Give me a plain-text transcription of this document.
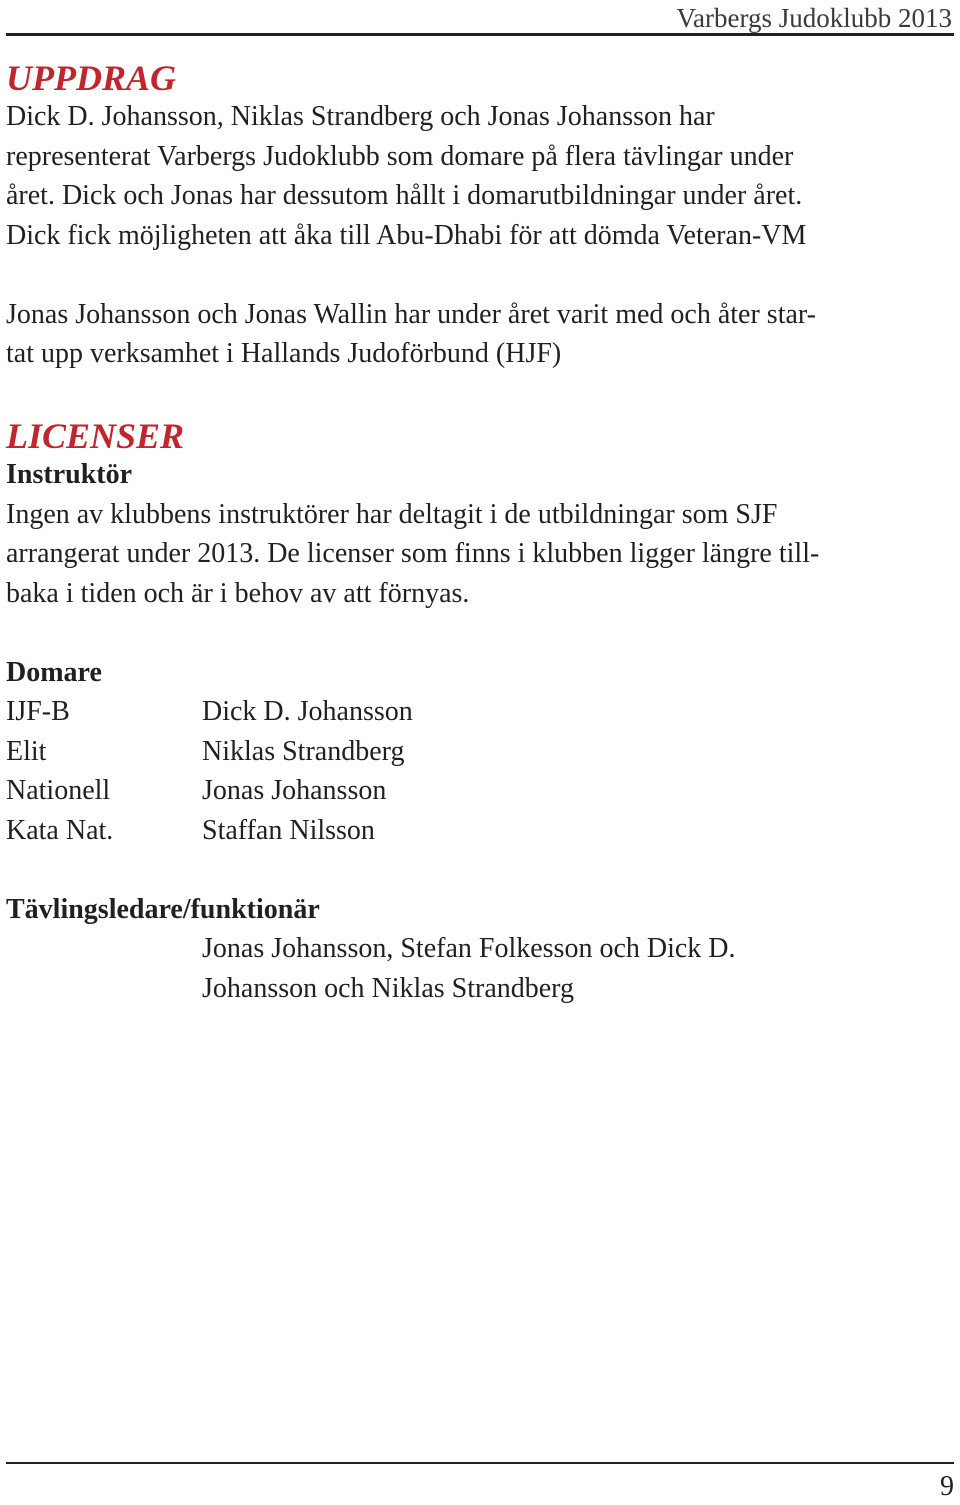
Varbergs Judoklubb 2013
UPPDRAG

Dick D. Johansson, Niklas Strandberg och Jonas Johansson har
representerat Varbergs Judoklubb som domare på flera tävlingar under
året. Dick och Jonas har dessutom hållt i domarutbildningar under året.
Dick fick möjligheten att åka till Abu-Dhabi för att dömda Veteran-VM

Jonas Johansson och Jonas Wallin har under året varit med och åter star-
tat upp verksamhet i Hallands Judoförbund (HJF)

LICENSER
Instruktör

Ingen av klubbens instruktörer har deltagit i de utbildningar som SJF
arrangerat under 2013. De licenser som finns i klubben ligger längre till-
baka i tiden och är i behov av att förnyas.

Domare
IJF-B	Dick D. Johansson
Elit	Niklas Strandberg
Nationell	Jonas Johansson
Kata Nat.	Staffan Nilsson
Tävlingsledare/funktionär

Jonas Johansson, Stefan Folkesson och Dick D.
Johansson och Niklas Strandberg

9
